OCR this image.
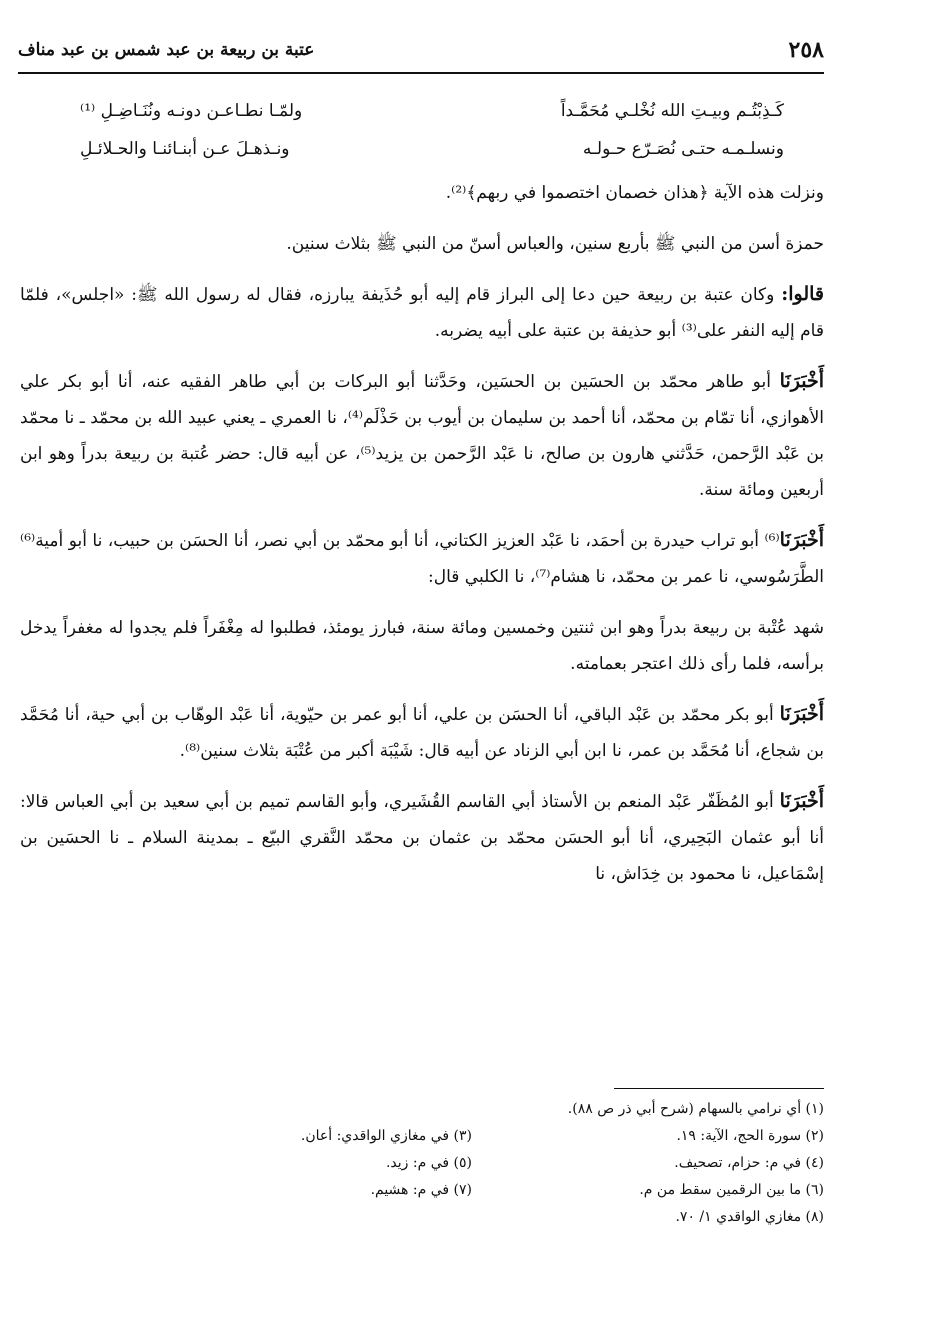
٢٥٨
عتبة بن ربيعة بن عبد شمس بن عبد مناف
كَـذِبْتُـم وبيـتِ الله نُخْلـي مُحَمَّـداً
ولمّـا نطـاعـن دونـه ونُنَـاضِـلِ ⁽¹⁾
ونسلـمـه حتـى نُصَـرّع حـولـه
ونـذهـلَ عـن أبنـائنـا والحـلائـلِ

ونزلت هذه الآية ﴿هذان خصمان اختصموا في ربهم﴾⁽²⁾.

حمزة أسن من النبي ﷺ بأربع سنين، والعباس أسنّ من النبي ﷺ بثلاث سنين.

قالوا: وكان عتبة بن ربيعة حين دعا إلى البراز قام إليه أبو حُذَيفة يبارزه، فقال له رسول الله ﷺ: «اجلس»، فلمّا قام إليه النفر على⁽³⁾ أبو حذيفة بن عتبة على أبيه يضربه.

أَخْبَرَنَا أبو طاهر محمّد بن الحسَين بن الحسَين، وحَدَّثنا أبو البركات بن أبي طاهر الفقيه عنه، أنا أبو بكر علي الأهوازي، أنا تمّام بن محمّد، أنا أحمد بن سليمان بن أيوب بن حَذْلَم⁽⁴⁾، نا العمري ـ يعني عبيد الله بن محمّد ـ نا محمّد بن عَبْد الرَّحمن، حَدَّثني هارون بن صالح، نا عَبْد الرَّحمن بن يزيد⁽⁵⁾، عن أبيه قال: حضر عُتبة بن ربيعة بدراً وهو ابن أربعين ومائة سنة.

أَخْبَرَنَا⁽⁶⁾ أبو تراب حيدرة بن أحمَد، نا عَبْد العزيز الكتاني، أنا أبو محمّد بن أبي نصر، أنا الحسَن بن حبيب، نا أبو أمية⁽⁶⁾ الطَّرَسُوسي، نا عمر بن محمّد، نا هشام⁽⁷⁾، نا الكلبي قال:

شهد عُتْبة بن ربيعة بدراً وهو ابن ثنتين وخمسين ومائة سنة، فبارز يومئذ، فطلبوا له مِغْفَراً فلم يجدوا له مغفراً يدخل برأسه، فلما رأى ذلك اعتجر بعمامته.

أَخْبَرَنَا أبو بكر محمّد بن عَبْد الباقي، أنا الحسَن بن علي، أنا أبو عمر بن حيّوية، أنا عَبْد الوهّاب بن أبي حية، أنا مُحَمَّد بن شجاع، أنا مُحَمَّد بن عمر، نا ابن أبي الزناد عن أبيه قال: شَيْبَة أكبر من عُتْبَة بثلاث سنين⁽⁸⁾.

أَخْبَرَنَا أبو المُظَفّر عَبْد المنعم بن الأستاذ أبي القاسم القُشَيري، وأبو القاسم تميم بن أبي سعيد بن أبي العباس قالا: أنا أبو عثمان البَحِيري، أنا أبو الحسَن محمّد بن عثمان بن محمّد النَّقري البيّع ـ بمدينة السلام ـ نا الحسَين بن إسْمَاعيل، نا محمود بن خِدَاش، نا

(١) أي نرامي بالسهام (شرح أبي ذر ص ٨٨).
(٢) سورة الحج، الآية: ١٩.
(٣) في مغازي الواقدي: أعان.
(٤) في م: حزام، تصحيف.
(٥) في م: زيد.
(٦) ما بين الرقمين سقط من م.
(٧) في م: هشيم.
(٨) مغازي الواقدي ١/ ٧٠.
